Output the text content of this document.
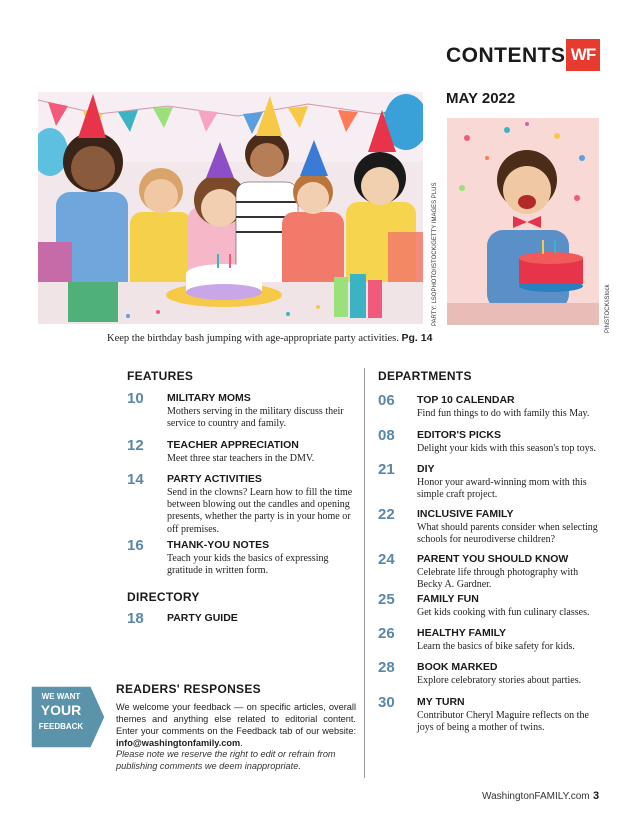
CONTENTS WF
MAY 2022
PARTY: LSOPHOTO/ISTOCK/GETTY IMAGES PLUS	PINSTOCK/iStock
Keep the birthday bash jumping with age-appropriate party activities. Pg. 14
FEATURES
10 MILITARY MOMS
Mothers serving in the military discuss their service to country and family.
12 TEACHER APPRECIATION
Meet three star teachers in the DMV.
14 PARTY ACTIVITIES
Send in the clowns? Learn how to fill the time between blowing out the candles and opening presents, whether the party is in your home or off premises.
16 THANK-YOU NOTES
Teach your kids the basics of expressing gratitude in written form.
DIRECTORY
18 PARTY GUIDE
DEPARTMENTS
06 TOP 10 CALENDAR
Find fun things to do with family this May.
08 EDITOR'S PICKS
Delight your kids with this season's top toys.
21 DIY
Honor your award-winning mom with this simple craft project.
22 INCLUSIVE FAMILY
What should parents consider when selecting schools for neurodiverse children?
24 PARENT YOU SHOULD KNOW
Celebrate life through photography with Becky A. Gardner.
25 FAMILY FUN
Get kids cooking with fun culinary classes.
26 HEALTHY FAMILY
Learn the basics of bike safety for kids.
28 BOOK MARKED
Explore celebratory stories about parties.
30 MY TURN
Contributor Cheryl Maguire reflects on the joys of being a mother of twins.
READERS' RESPONSES
WE WANT
YOUR
FEEDBACK
We welcome your feedback — on specific articles, overall themes and anything else related to editorial content. Enter your comments on the Feedback tab of our website: info@washingtonfamily.com.
Please note we reserve the right to edit or refrain from publishing comments we deem inappropriate.
WashingtonFAMILY.com 3
